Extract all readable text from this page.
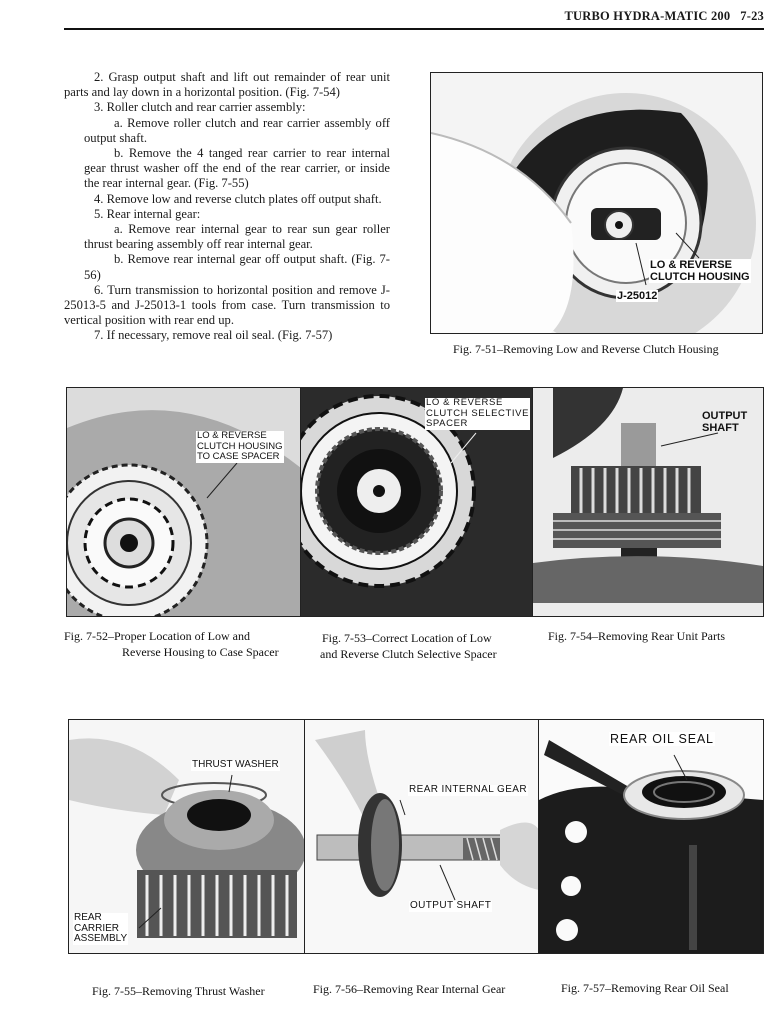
TURBO HYDRA-MATIC 200 7-23

2. Grasp output shaft and lift out remainder of rear unit parts and lay down in a horizontal position. (Fig. 7-54)

3. Roller clutch and rear carrier assembly:

a. Remove roller clutch and rear carrier assembly off output shaft.

b. Remove the 4 tanged rear carrier to rear internal gear thrust washer off the end of the rear carrier, or inside the rear internal gear. (Fig. 7-55)

4. Remove low and reverse clutch plates off output shaft.

5. Rear internal gear:

a. Remove rear internal gear to rear sun gear roller thrust bearing assembly off rear internal gear.

b. Remove rear internal gear off output shaft. (Fig. 7-56)

6. Turn transmission to horizontal position and remove J-25013-5 and J-25013-1 tools from case. Turn transmission to vertical position with rear end up.

7. If necessary, remove real oil seal. (Fig. 7-57)

LO & REVERSE
CLUTCH HOUSING
J-25012
Fig. 7-51–Removing Low and Reverse Clutch Housing
LO & REVERSE
CLUTCH HOUSING
TO CASE SPACER
LO & REVERSE
CLUTCH SELECTIVE
SPACER
OUTPUT
SHAFT
Fig. 7-52–Proper Location of Low and
Reverse Housing to Case Spacer
Fig. 7-53–Correct Location of Low
and Reverse Clutch Selective Spacer
Fig. 7-54–Removing Rear Unit Parts
THRUST WASHER
REAR
CARRIER
ASSEMBLY
REAR INTERNAL GEAR
OUTPUT SHAFT
REAR OIL SEAL
Fig. 7-55–Removing Thrust Washer	Fig. 7-56–Removing Rear Internal Gear	Fig. 7-57–Removing Rear Oil Seal
